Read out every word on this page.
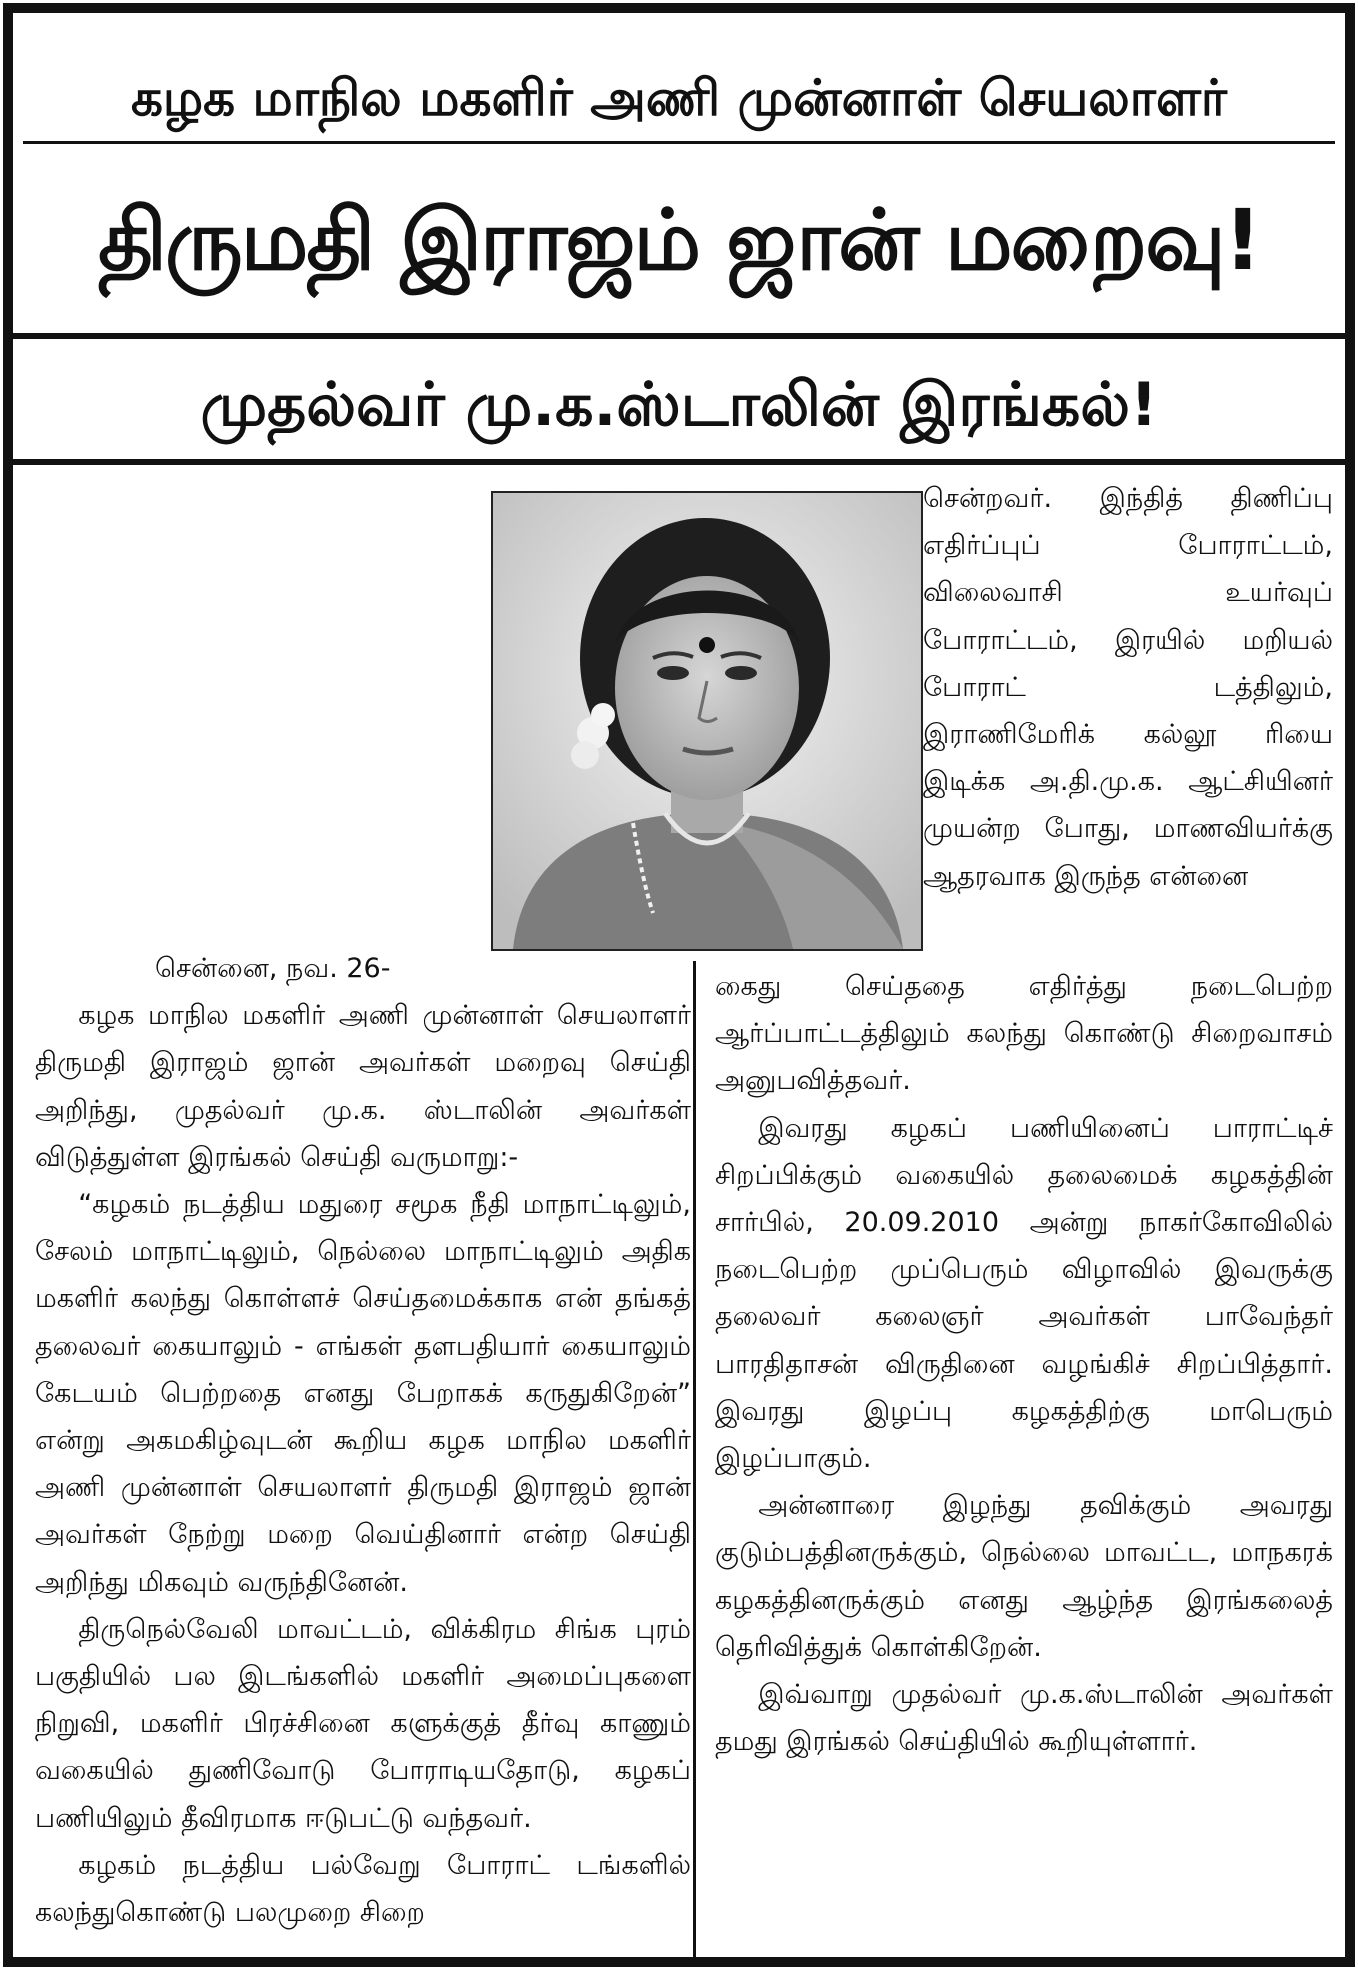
கழக மாநில மகளிர் அணி முன்னாள் செயலாளர்
திருமதி இராஜம் ஜான் மறைவு!
முதல்வர் மு.க.ஸ்டாலின் இரங்கல்!
சென்னை, நவ. 26-

கழக மாநில மகளிர் அணி முன்னாள் செயலாளர் திருமதி இராஜம் ஜான் அவர்கள் மறைவு செய்தி அறிந்து, முதல்வர் மு.க. ஸ்டாலின் அவர்கள் விடுத்துள்ள இரங்கல் செய்தி வருமாறு:-

“கழகம் நடத்திய மதுரை சமூக நீதி மாநாட்டிலும், சேலம் மாநாட்டிலும், நெல்லை மாநாட்டிலும் அதிக மகளிர் கலந்து கொள்ளச் செய்தமைக்காக என் தங்கத் தலைவர் கையாலும் - எங்கள் தளபதியார் கையாலும் கேடயம் பெற்றதை எனது பேறாகக் கருதுகிறேன்” என்று அகமகிழ்வுடன் கூறிய கழக மாநில மகளிர் அணி முன்னாள் செயலாளர் திருமதி இராஜம் ஜான் அவர்கள் நேற்று மறை வெய்தினார் என்ற செய்தி அறிந்து மிகவும் வருந்தினேன்.

திருநெல்வேலி மாவட்டம், விக்கிரம சிங்க புரம் பகுதியில் பல இடங்களில் மகளிர் அமைப்புகளை நிறுவி, மகளிர் பிரச்சினை களுக்குத் தீர்வு காணும் வகையில் துணிவோடு போராடியதோடு, கழகப் பணியிலும் தீவிரமாக ஈடுபட்டு வந்தவர்.

கழகம் நடத்திய பல்வேறு போராட் டங்களில் கலந்துகொண்டு பலமுறை சிறை

சென்றவர். இந்தித் திணிப்பு எதிர்ப்புப் போராட்டம், விலைவாசி உயர்வுப் போராட்டம், இரயில் மறியல் போராட் டத்திலும், இராணிமேரிக் கல்லூ ரியை இடிக்க அ.தி.மு.க. ஆட்சியினர் முயன்ற போது, மாணவியர்க்கு ஆதரவாக இருந்த என்னை

கைது செய்ததை எதிர்த்து நடைபெற்ற ஆர்ப்பாட்டத்திலும் கலந்து கொண்டு சிறைவாசம் அனுபவித்தவர்.

இவரது கழகப் பணியினைப் பாராட்டிச் சிறப்பிக்கும் வகையில் தலைமைக் கழகத்தின் சார்பில், 20.09.2010 அன்று நாகர்கோவிலில் நடைபெற்ற முப்பெரும் விழாவில் இவருக்கு தலைவர் கலைஞர் அவர்கள் பாவேந்தர் பாரதிதாசன் விருதினை வழங்கிச் சிறப்பித்தார். இவரது இழப்பு கழகத்திற்கு மாபெரும் இழப்பாகும்.

அன்னாரை இழந்து தவிக்கும் அவரது குடும்பத்தினருக்கும், நெல்லை மாவட்ட, மாநகரக் கழகத்தினருக்கும் எனது ஆழ்ந்த இரங்கலைத் தெரிவித்துக் கொள்கிறேன்.

இவ்வாறு முதல்வர் மு.க.ஸ்டாலின் அவர்கள் தமது இரங்கல் செய்தியில் கூறியுள்ளார்.
